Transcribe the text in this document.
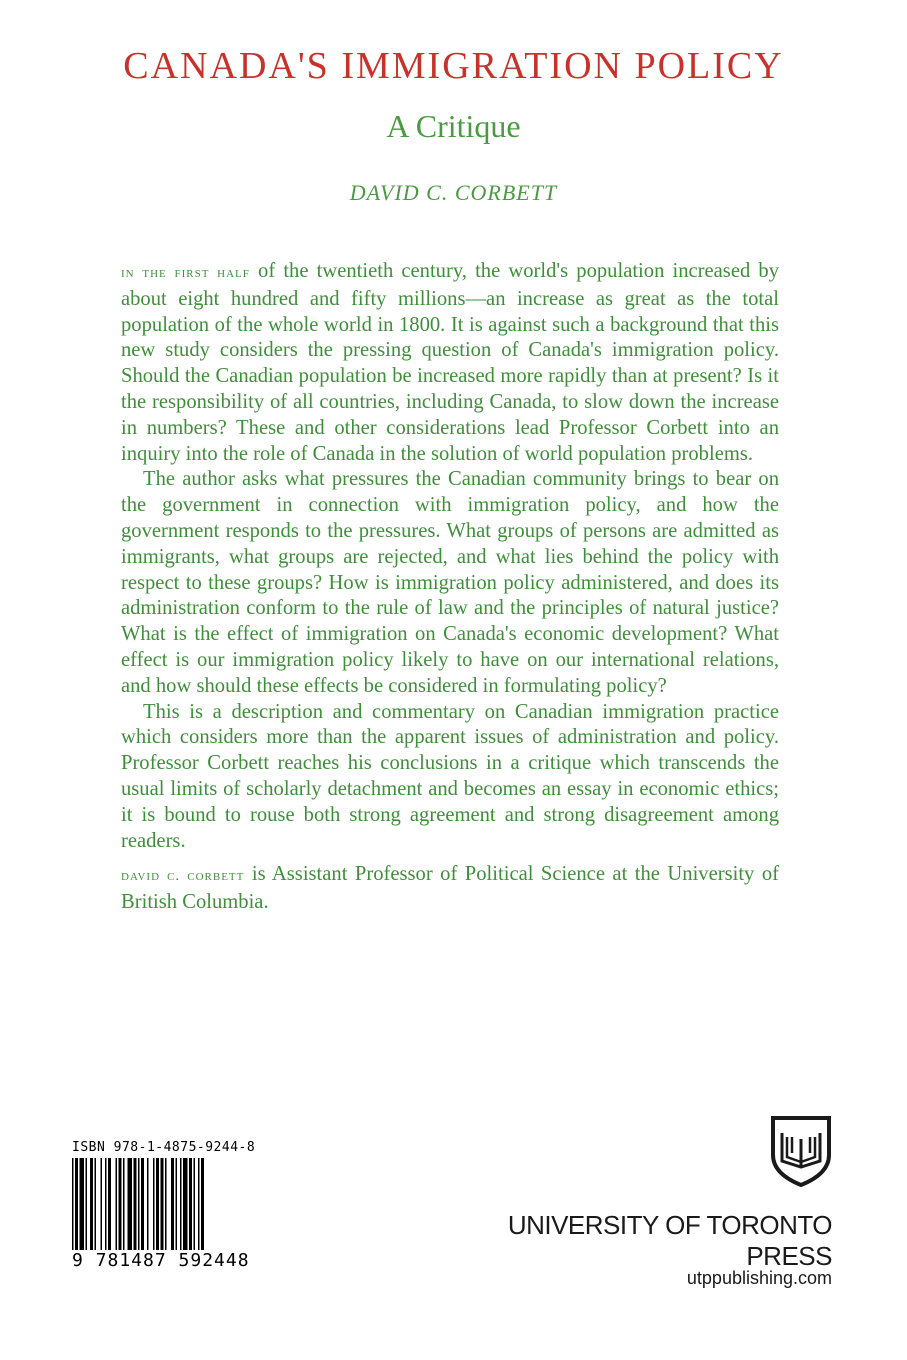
CANADA'S IMMIGRATION POLICY
A Critique
DAVID C. CORBETT

in the first half of the twentieth century, the world's population increased by about eight hundred and fifty millions—an increase as great as the total population of the whole world in 1800. It is against such a background that this new study considers the pressing question of Canada's immigration policy. Should the Canadian population be increased more rapidly than at present? Is it the responsibility of all countries, including Canada, to slow down the increase in numbers? These and other considerations lead Professor Corbett into an inquiry into the role of Canada in the solution of world population problems.

The author asks what pressures the Canadian community brings to bear on the government in connection with immigration policy, and how the government responds to the pressures. What groups of persons are admitted as immigrants, what groups are rejected, and what lies behind the policy with respect to these groups? How is immigration policy administered, and does its administration conform to the rule of law and the principles of natural justice? What is the effect of immigration on Canada's economic development? What effect is our immigration policy likely to have on our international relations, and how should these effects be considered in formulating policy?

This is a description and commentary on Canadian immigration practice which considers more than the apparent issues of administration and policy. Professor Corbett reaches his conclusions in a critique which transcends the usual limits of scholarly detachment and becomes an essay in economic ethics; it is bound to rouse both strong agreement and strong disagreement among readers.

david c. corbett is Assistant Professor of Political Science at the University of British Columbia.

ISBN 978-1-4875-9244-8
9 781487 592448
UNIVERSITY OF TORONTO PRESS
utppublishing.com
